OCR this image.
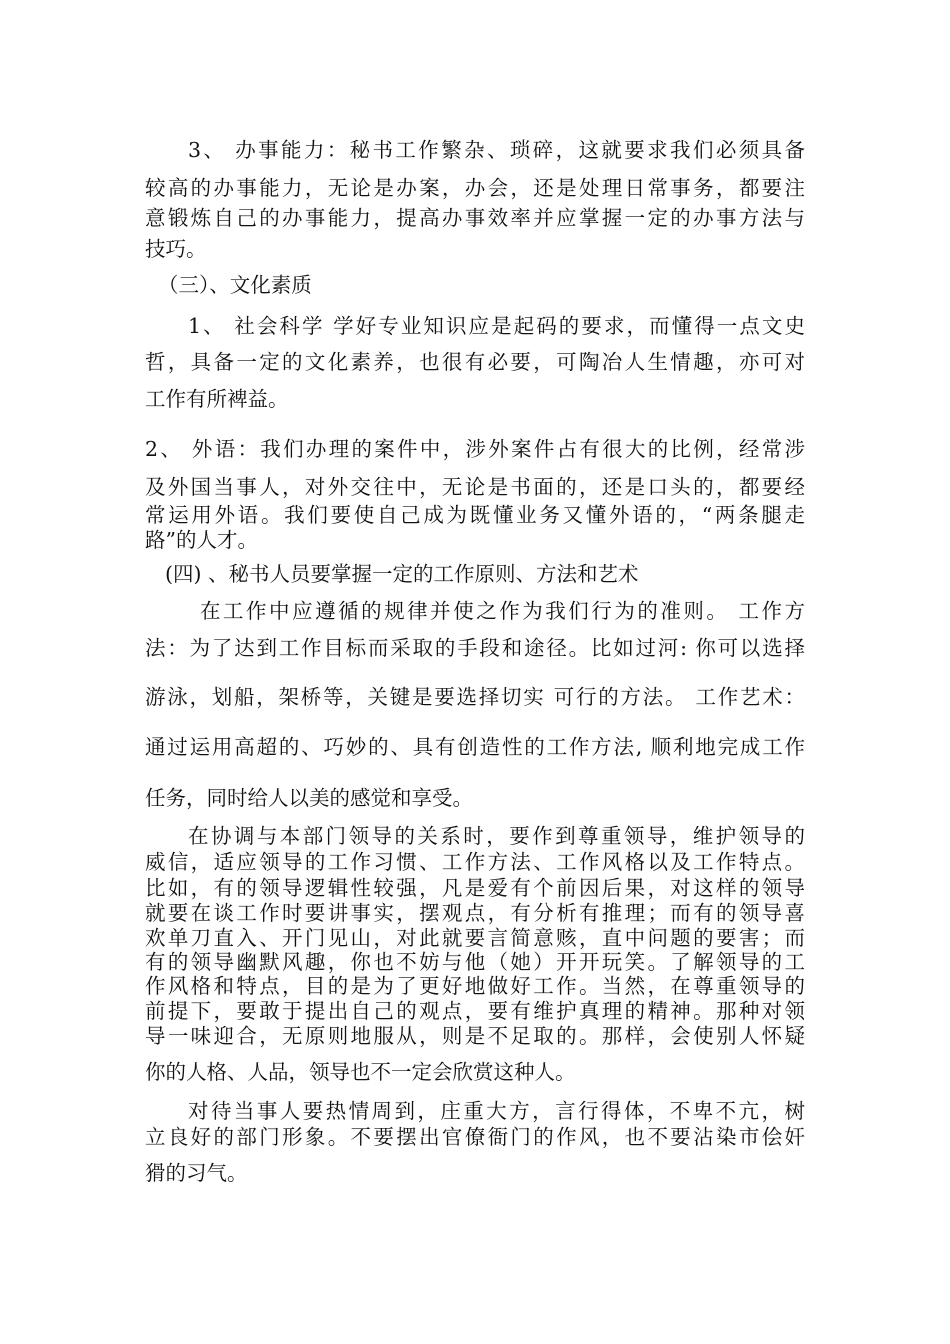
3、 办事能力：秘书工作繁杂、琐碎，这就要求我们必须具备
较高的办事能力，无论是办案，办会，还是处理日常事务，都要注
意锻炼自己的办事能力，提高办事效率并应掌握一定的办事方法与
技巧。
（三）、文化素质
1、 社会科学 学好专业知识应是起码的要求，而懂得一点文史
哲，具备一定的文化素养，也很有必要，可陶冶人生情趣，亦可对
工作有所裨益。
2、 外语：我们办理的案件中，涉外案件占有很大的比例，经常涉
及外国当事人，对外交往中，无论是书面的，还是口头的，都要经
常运用外语。我们要使自己成为既懂业务又懂外语的，“两条腿走
路”的人才。
(四) 、秘书人员要掌握一定的工作原则、方法和艺术
在工作中应遵循的规律并使之作为我们行为的准则。 工作方
法：为了达到工作目标而采取的手段和途径。比如过河: 你可以选择
游泳，划船，架桥等，关键是要选择切实 可行的方法。 工作艺术：
通过运用高超的、巧妙的、具有创造性的工作方法, 顺利地完成工作
任务，同时给人以美的感觉和享受。
在协调与本部门领导的关系时，要作到尊重领导，维护领导的
威信，适应领导的工作习惯、工作方法、工作风格以及工作特点。
比如，有的领导逻辑性较强，凡是爱有个前因后果，对这样的领导
就要在谈工作时要讲事实，摆观点，有分析有推理；而有的领导喜
欢单刀直入、开门见山，对此就要言简意赅，直中问题的要害；而
有的领导幽默风趣，你也不妨与他（她）开开玩笑。了解领导的工
作风格和特点，目的是为了更好地做好工作。当然，在尊重领导的
前提下，要敢于提出自己的观点，要有维护真理的精神。那种对领
导一味迎合，无原则地服从，则是不足取的。那样，会使别人怀疑
你的人格、人品，领导也不一定会欣赏这种人。
对待当事人要热情周到，庄重大方，言行得体，不卑不亢，树
立良好的部门形象。不要摆出官僚衙门的作风，也不要沾染市侩奸
猾的习气。
